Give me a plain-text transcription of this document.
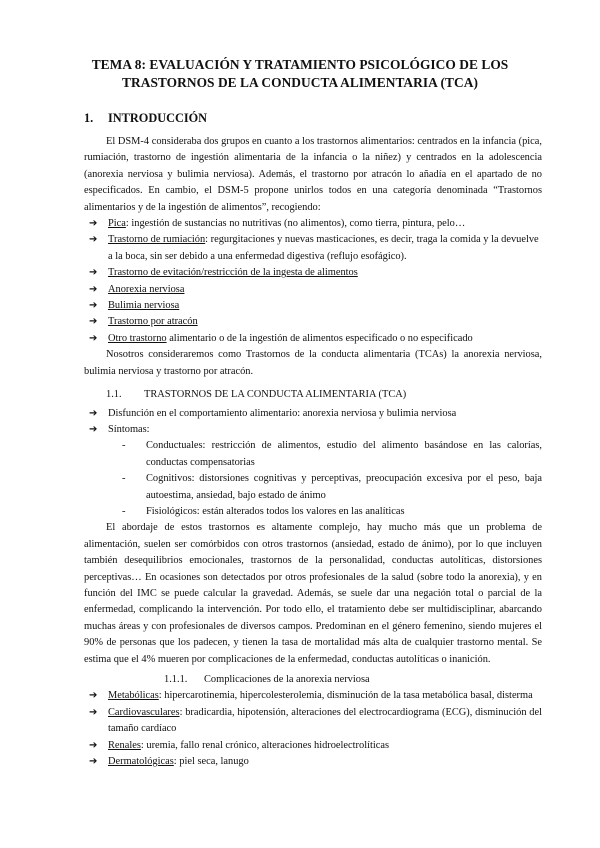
TEMA 8: EVALUACIÓN Y TRATAMIENTO PSICOLÓGICO DE LOS TRASTORNOS DE LA CONDUCTA ALIMENTARIA (TCA)
1. INTRODUCCIÓN

El DSM-4 consideraba dos grupos en cuanto a los trastornos alimentarios: centrados en la infancia (pica, rumiación, trastorno de ingestión alimentaria de la infancia o la niñez) y centrados en la adolescencia (anorexia nerviosa y bulimia nerviosa). Además, el trastorno por atracón lo añadía en el apartado de no especificados. En cambio, el DSM-5 propone unirlos todos en una categoría denominada “Trastornos alimentarios y de la ingestión de alimentos”, recogiendo:

➔ Pica: ingestión de sustancias no nutritivas (no alimentos), como tierra, pintura, pelo…
➔ Trastorno de rumiación: regurgitaciones y nuevas masticaciones, es decir, traga la comida y la devuelve a la boca, sin ser debido a una enfermedad digestiva (reflujo esofágico).
➔ Trastorno de evitación/restricción de la ingesta de alimentos
➔ Anorexia nerviosa
➔ Bulimia nerviosa
➔ Trastorno por atracón
➔ Otro trastorno alimentario o de la ingestión de alimentos especificado o no especificado

Nosotros consideraremos como Trastornos de la conducta alimentaria (TCAs) la anorexia nerviosa, bulimia nerviosa y trastorno por atracón.

1.1. TRASTORNOS DE LA CONDUCTA ALIMENTARIA (TCA)
➔ Disfunción en el comportamiento alimentario: anorexia nerviosa y bulimia nerviosa
➔ Síntomas:
- Conductuales: restricción de alimentos, estudio del alimento basándose en las calorías, conductas compensatorias
- Cognitivos: distorsiones cognitivas y perceptivas, preocupación excesiva por el peso, baja autoestima, ansiedad, bajo estado de ánimo
- Fisiológicos: están alterados todos los valores en las analíticas

El abordaje de estos trastornos es altamente complejo, hay mucho más que un problema de alimentación, suelen ser comórbidos con otros trastornos (ansiedad, estado de ánimo), por lo que incluyen también desequilibrios emocionales, trastornos de la personalidad, conductas autolíticas, distorsiones perceptivas… En ocasiones son detectados por otros profesionales de la salud (sobre todo la anorexia), y en función del IMC se puede calcular la gravedad. Además, se suele dar una negación total o parcial de la enfermedad, complicando la intervención. Por todo ello, el tratamiento debe ser multidisciplinar, abarcando muchas áreas y con profesionales de diversos campos. Predominan en el género femenino, siendo mujeres el 90% de personas que los padecen, y tienen la tasa de mortalidad más alta de cualquier trastorno mental. Se estima que el 4% mueren por complicaciones de la enfermedad, conductas autolíticas o inanición.

1.1.1. Complicaciones de la anorexia nerviosa
➔ Metabólicas: hipercarotinemia, hipercolesterolemia, disminución de la tasa metabólica basal, disterma
➔ Cardiovasculares: bradicardia, hipotensión, alteraciones del electrocardiograma (ECG), disminución del tamaño cardíaco
➔ Renales: uremia, fallo renal crónico, alteraciones hidroelectrolíticas
➔ Dermatológicas: piel seca, lanugo
